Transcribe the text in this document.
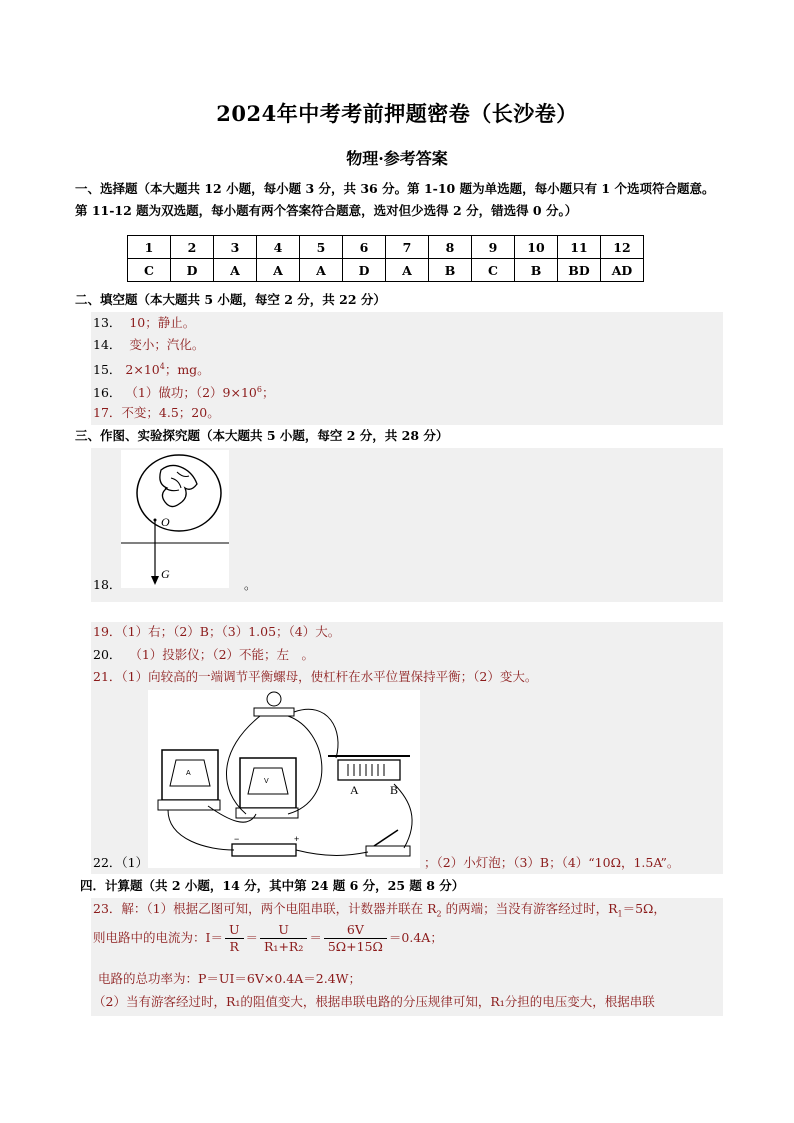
2024年中考考前押题密卷（长沙卷）
物理·参考答案
一、选择题（本大题共 12 小题，每小题 3 分，共 36 分。第 1-10 题为单选题，每小题只有 1 个选项符合题意。第 11-12 题为双选题，每小题有两个答案符合题意，选对但少选得 2 分，错选得 0 分。）
1	2	3	4	5	6	7	8	9	10	11	12
C	D	A	A	A	D	A	B	C	B	BD	AD
二、填空题（本大题共 5 小题，每空 2 分，共 22 分）
13． 10；静止。
14． 变小；汽化。
15． $2\times 10^4$；mg。
16． （1）做功；$(2)9\times 10^6$；
17．不变；4.5；20。
三、作图、实验探究题（本大题共 5 小题，每空 2 分，共 28 分）
O
G
18．	。
19．（1）右；（2）B；（3）1.05；（4）大。
20． （1）投影仪；（2）不能；左　。
21．（1）向较高的一端调节平衡螺母，使杠杆在水平位置保持平衡；（2）变大。
A
V
A	B
−	+
22．（1）	；（2）小灯泡；（3）B；（4）“10Ω，1.5A”。
四．计算题（共 2 小题，14 分，其中第 24 题 6 分，25 题 8 分）
23．解：（1）根据乙图可知，两个电阻串联，计数器并联在 $R_2$ 的两端；当没有游客经过时，$R_1=5\Omega$，
则电路中的电流为：$I= \frac{U}{R} = \frac{U}{\text{R₁+R₂}} = \frac{6V}{5\Omega+15\Omega} =0.4A$；
电路的总功率为：P＝UI＝6V×0.4A＝2.4W；
（2）当有游客经过时，R₁的阻值变大，根据串联电路的分压规律可知，R₁分担的电压变大，根据串联
